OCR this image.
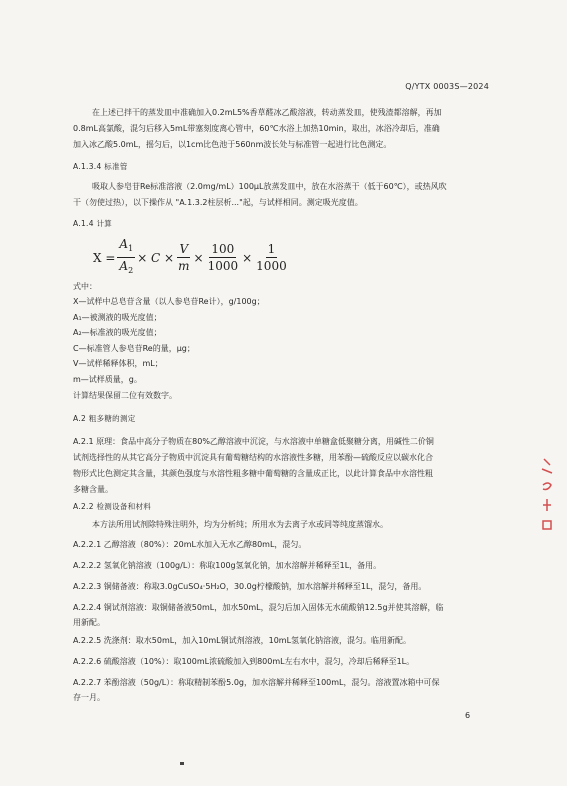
Q/YTX 0003S—2024
在上述已拌干的蒸发皿中准确加入0.2mL5%香草醛冰乙酸溶液，转动蒸发皿，使残渣都溶解，再加
0.8mL高氯酸，混匀后移入5mL带塞刻度离心管中，60℃水浴上加热10min，取出，冰浴冷却后，准确
加入冰乙酸5.0mL，摇匀后，以1cm比色池于560nm波长处与标准管一起进行比色测定。
A.1.3.4 标准管
吸取人参皂苷Re标准溶液（2.0mg/mL）100μL放蒸发皿中，放在水浴蒸干（低于60℃），或热风吹
干（勿使过热），以下操作从 "A.1.3.2柱层析..."起，与试样相同。测定吸光度值。
A.1.4 计算
$X = \frac{A_1}{A_2} \times C \times \frac{V}{m} \times \frac{100}{1000} \times \frac{1}{1000}$
式中：
X—试样中总皂苷含量（以人参皂苷Re计），g/100g；
A₁—被测液的吸光度值；
A₂—标准液的吸光度值；
C—标准管人参皂苷Re的量，μg；
V—试样稀释体积，mL；
m—试样质量，g。
计算结果保留二位有效数字。
A.2 粗多糖的测定
A.2.1 原理：食品中高分子物质在80%乙醇溶液中沉淀，与水溶液中单糖盒低聚糖分离，用碱性二价铜
试剂选择性的从其它高分子物质中沉淀具有葡萄糖结构的水溶液性多糖，用苯酚—硫酸反应以碳水化合
物形式比色测定其含量，其颜色强度与水溶性粗多糖中葡萄糖的含量成正比，以此计算食品中水溶性粗
多糖含量。
A.2.2 检测设备和材料
本方法所用试剂除特殊注明外，均为分析纯；所用水为去离子水或同等纯度蒸馏水。
A.2.2.1 乙醇溶液（80%）：20mL水加入无水乙醇80mL，混匀。
A.2.2.2 氢氧化钠溶液（100g/L）：称取100g氢氧化钠，加水溶解并稀释至1L，备用。
A.2.2.3 铜储备液：称取3.0gCuSO₄·5H₂O，30.0g柠檬酸钠，加水溶解并稀释至1L，混匀，备用。
A.2.2.4 铜试剂溶液：取铜储备液50mL，加水50mL，混匀后加入固体无水硫酸钠12.5g并使其溶解，临
用新配。
A.2.2.5 洗涤剂：取水50mL，加入10mL铜试剂溶液，10mL氢氧化钠溶液，混匀。临用新配。
A.2.2.6 硫酸溶液（10%）：取100mL浓硫酸加入到800mL左右水中，混匀，冷却后稀释至1L。
A.2.2.7 苯酚溶液（50g/L）：称取精制苯酚5.0g，加水溶解并稀释至100mL，混匀。溶液置冰箱中可保
存一月。
6
